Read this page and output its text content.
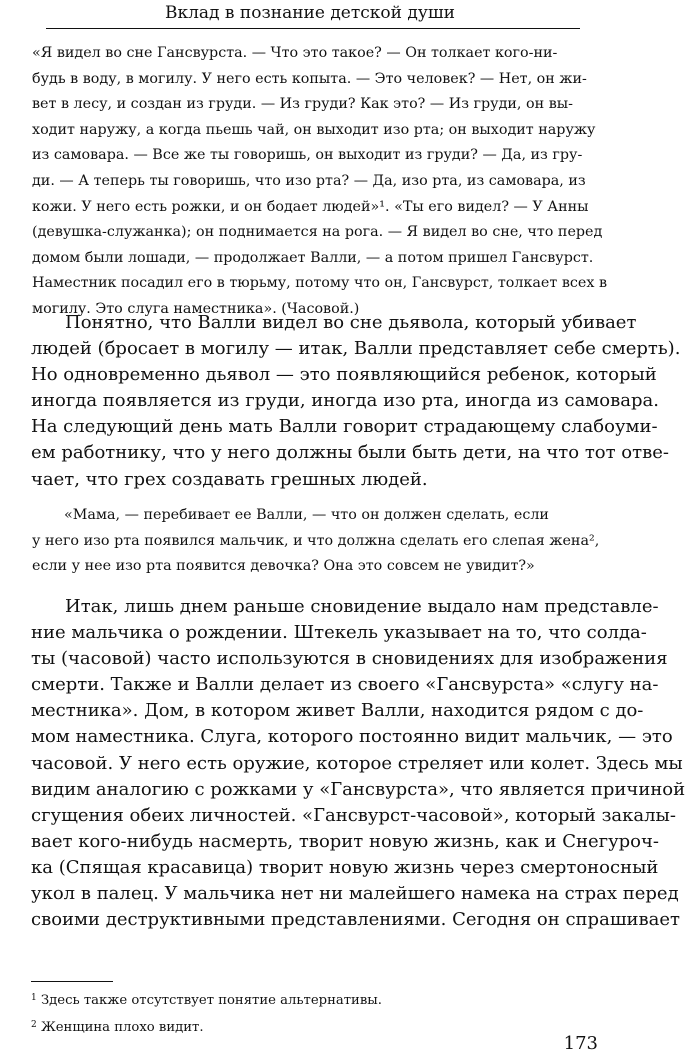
Вклад в познание детской души
«Я видел во сне Гансвурста. — Что это такое? — Он толкает кого-ни-
будь в воду, в могилу. У него есть копыта. — Это человек? — Нет, он жи-
вет в лесу, и создан из груди. — Из груди? Как это? — Из груди, он вы-
ходит наружу, а когда пьешь чай, он выходит изо рта; он выходит наружу
из самовара. — Все же ты говоришь, он выходит из груди? — Да, из гру-
ди. — А теперь ты говоришь, что изо рта? — Да, изо рта, из самовара, из
кожи. У него есть рожки, и он бодает людей»¹. «Ты его видел? — У Анны
(девушка-служанка); он поднимается на рога. — Я видел во сне, что перед
домом были лошади, — продолжает Валли, — а потом пришел Гансвурст.
Наместник посадил его в тюрьму, потому что он, Гансвурст, толкает всех в
могилу. Это слуга наместника». (Часовой.)
Понятно, что Валли видел во сне дьявола, который убивает
людей (бросает в могилу — итак, Валли представляет себе смерть).
Но одновременно дьявол — это появляющийся ребенок, который
иногда появляется из груди, иногда изо рта, иногда из самовара.
На следующий день мать Валли говорит страдающему слабоуми-
ем работнику, что у него должны были быть дети, на что тот отве-
чает, что грех создавать грешных людей.
«Мама, — перебивает ее Валли, — что он должен сделать, если
у него изо рта появился мальчик, и что должна сделать его слепая жена²,
если у нее изо рта появится девочка? Она это совсем не увидит?»
Итак, лишь днем раньше сновидение выдало нам представле-
ние мальчика о рождении. Штекель указывает на то, что солда-
ты (часовой) часто используются в сновидениях для изображения
смерти. Также и Валли делает из своего «Гансвурста» «слугу на-
местника». Дом, в котором живет Валли, находится рядом с до-
мом наместника. Слуга, которого постоянно видит мальчик, — это
часовой. У него есть оружие, которое стреляет или колет. Здесь мы
видим аналогию с рожками у «Гансвурста», что является причиной
сгущения обеих личностей. «Гансвурст-часовой», который закалы-
вает кого-нибудь насмерть, творит новую жизнь, как и Снегуроч-
ка (Спящая красавица) творит новую жизнь через смертоносный
укол в палец. У мальчика нет ни малейшего намека на страх перед
своими деструктивными представлениями. Сегодня он спрашивает
$^1$ Здесь также отсутствует понятие альтернативы.
$^2$ Женщина плохо видит.
173
